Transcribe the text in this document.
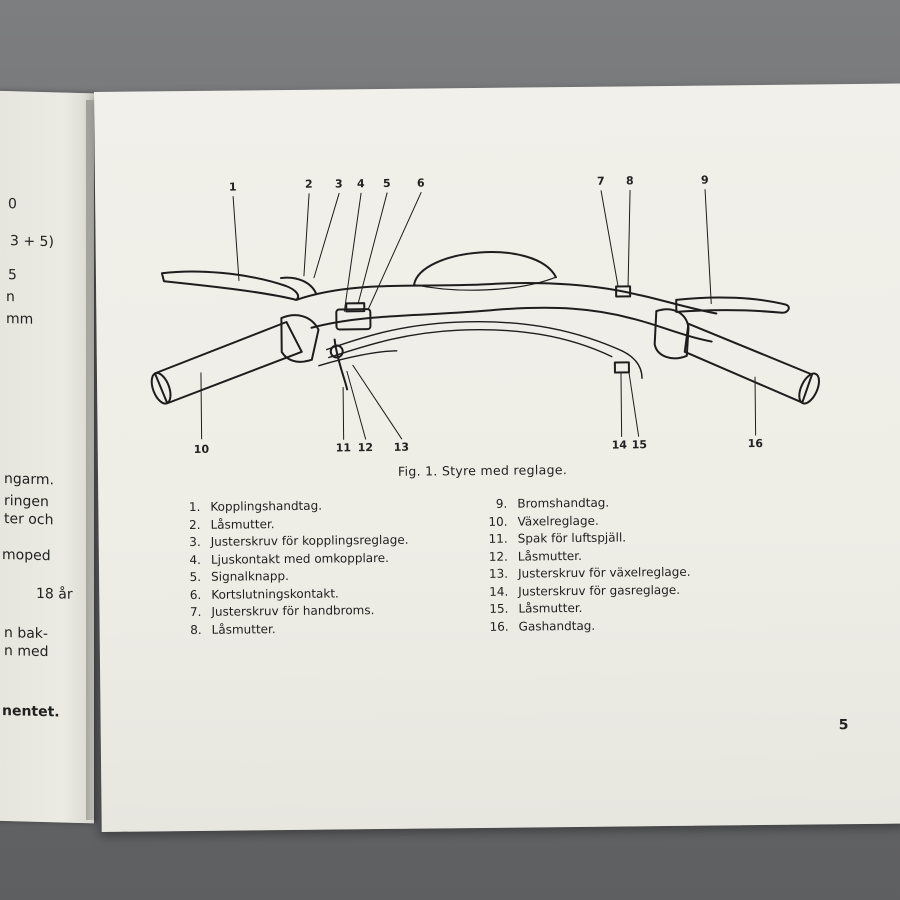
0
3 + 5)
5
n
mm
ngarm.
ringen
ter och
moped
18 år
n bak-
n med
nentet.
1	2 3 4 5 6	7 8	9
10	11 12 13	14 15	16
Fig. 1. Styre med reglage.
1. Kopplingshandtag.
2. Låsmutter.
3. Justerskruv för kopplingsreglage.
4. Ljuskontakt med omkopplare.
5. Signalknapp.
6. Kortslutningskontakt.
7. Justerskruv för handbroms.
8. Låsmutter.
9. Bromshandtag.
10. Växelreglage.
11. Spak för luftspjäll.
12. Låsmutter.
13. Justerskruv för växelreglage.
14. Justerskruv för gasreglage.
15. Låsmutter.
16. Gashandtag.
5
